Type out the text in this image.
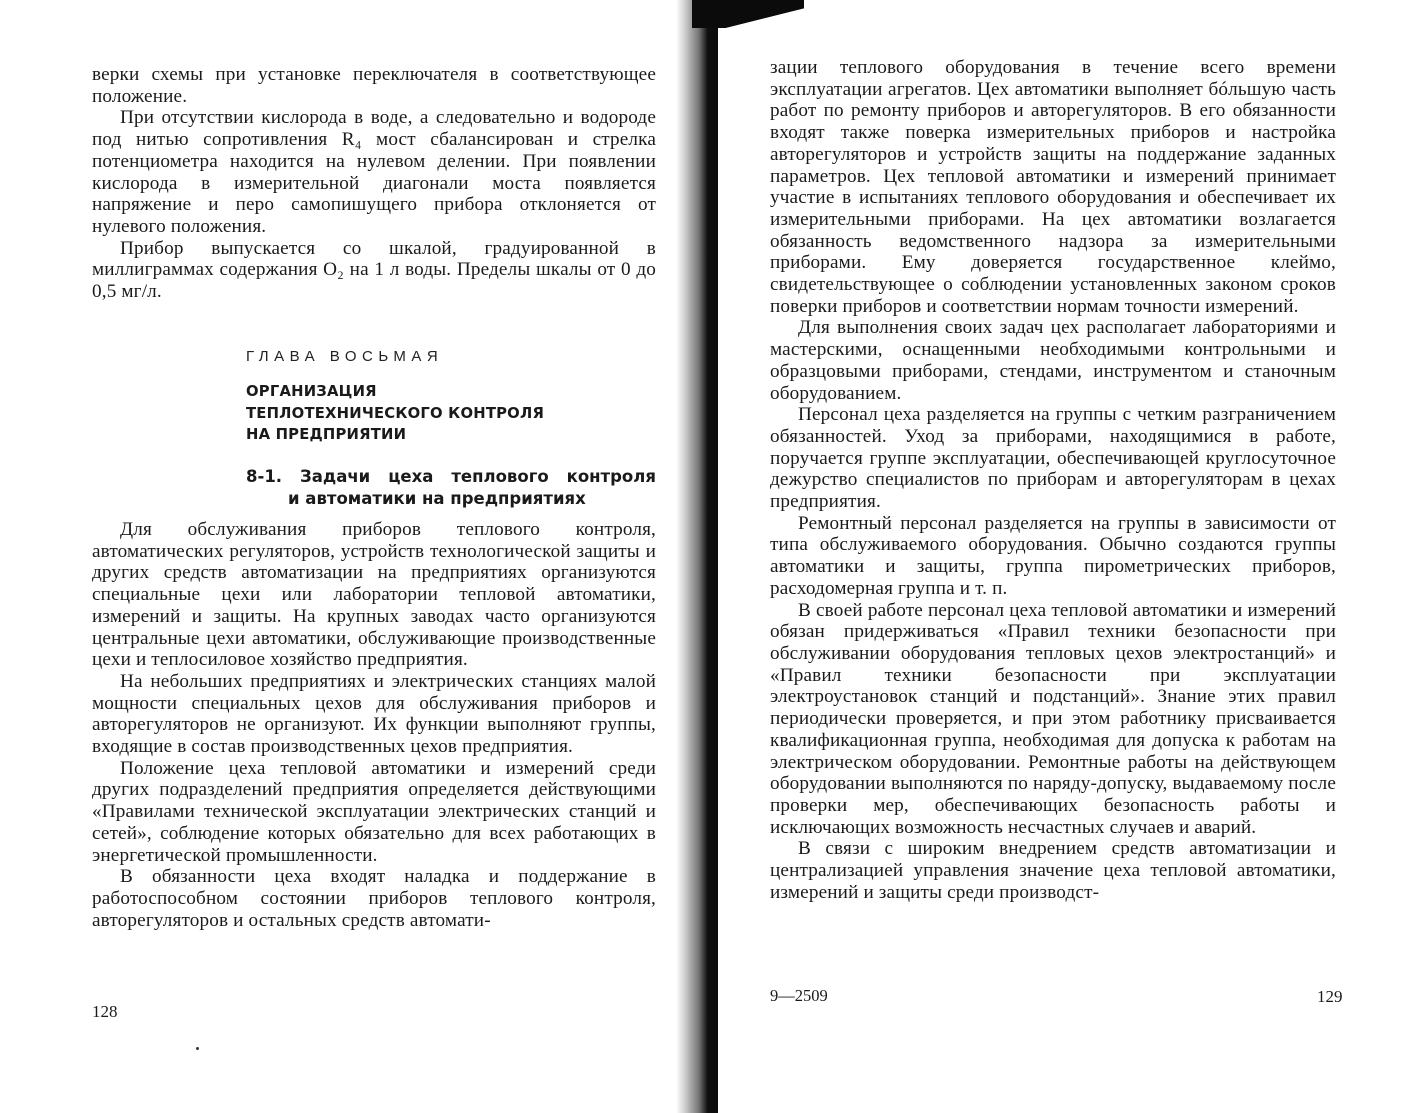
верки схемы при установке переключателя в соответствующее положение.

При отсутствии кислорода в воде, а следовательно и водороде под нитью сопротивления R₄ мост сбалансирован и стрелка потенциометра находится на нулевом делении. При появлении кислорода в измерительной диагонали моста появляется напряжение и перо самопишущего прибора отклоняется от нулевого положения.

Прибор выпускается со шкалой, градуированной в миллиграммах содержания O₂ на 1 л воды. Пределы шкалы от 0 до 0,5 мг/л.

ГЛАВА ВОСЬМАЯ
ОРГАНИЗАЦИЯ
ТЕПЛОТЕХНИЧЕСКОГО КОНТРОЛЯ
НА ПРЕДПРИЯТИИ
8-1. Задачи цеха теплового контроля
и автоматики на предприятиях

Для обслуживания приборов теплового контроля, автоматических регуляторов, устройств технологической защиты и других средств автоматизации на предприятиях организуются специальные цехи или лаборатории тепловой автоматики, измерений и защиты. На крупных заводах часто организуются центральные цехи автоматики, обслуживающие производственные цехи и теплосиловое хозяйство предприятия.

На небольших предприятиях и электрических станциях малой мощности специальных цехов для обслуживания приборов и авторегуляторов не организуют. Их функции выполняют группы, входящие в состав производственных цехов предприятия.

Положение цеха тепловой автоматики и измерений среди других подразделений предприятия определяется действующими «Правилами технической эксплуатации электрических станций и сетей», соблюдение которых обязательно для всех работающих в энергетической промышленности.

В обязанности цеха входят наладка и поддержание в работоспособном состоянии приборов теплового контроля, авторегуляторов и остальных средств автомати-

128

зации теплового оборудования в течение всего времени эксплуатации агрегатов. Цех автоматики выполняет бóльшую часть работ по ремонту приборов и авторегуляторов. В его обязанности входят также поверка измерительных приборов и настройка авторегуляторов и устройств защиты на поддержание заданных параметров. Цех тепловой автоматики и измерений принимает участие в испытаниях теплового оборудования и обеспечивает их измерительными приборами. На цех автоматики возлагается обязанность ведомственного надзора за измерительными приборами. Ему доверяется государственное клеймо, свидетельствующее о соблюдении установленных законом сроков поверки приборов и соответствии нормам точности измерений.

Для выполнения своих задач цех располагает лабораториями и мастерскими, оснащенными необходимыми контрольными и образцовыми приборами, стендами, инструментом и станочным оборудованием.

Персонал цеха разделяется на группы с четким разграничением обязанностей. Уход за приборами, находящимися в работе, поручается группе эксплуатации, обеспечивающей круглосуточное дежурство специалистов по приборам и авторегуляторам в цехах предприятия.

Ремонтный персонал разделяется на группы в зависимости от типа обслуживаемого оборудования. Обычно создаются группы автоматики и защиты, группа пирометрических приборов, расходомерная группа и т. п.

В своей работе персонал цеха тепловой автоматики и измерений обязан придерживаться «Правил техники безопасности при обслуживании оборудования тепловых цехов электростанций» и «Правил техники безопасности при эксплуатации электроустановок станций и подстанций». Знание этих правил периодически проверяется, и при этом работнику присваивается квалификационная группа, необходимая для допуска к работам на электрическом оборудовании. Ремонтные работы на действующем оборудовании выполняются по наряду-допуску, выдаваемому после проверки мер, обеспечивающих безопасность работы и исключающих возможность несчастных случаев и аварий.

В связи с широким внедрением средств автоматизации и централизацией управления значение цеха тепловой автоматики, измерений и защиты среди производст-

9—2509	129
